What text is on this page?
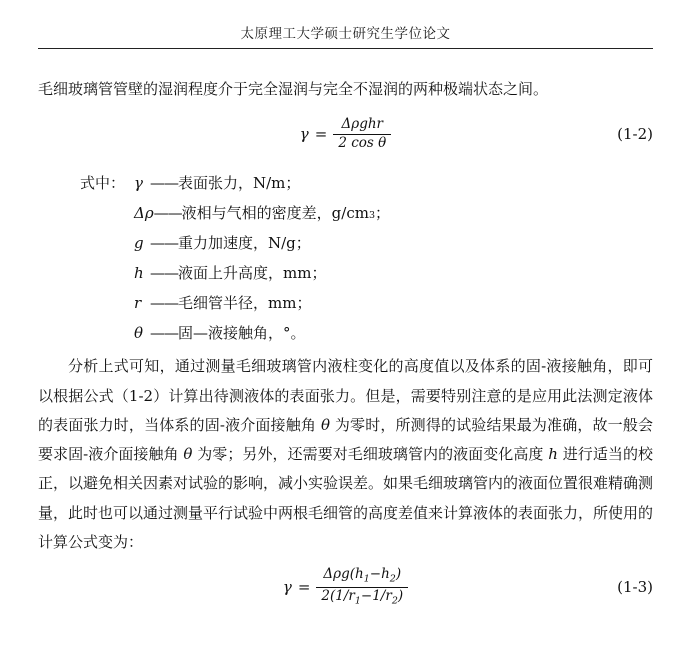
太原理工大学硕士研究生学位论文

毛细玻璃管管壁的湿润程度介于完全湿润与完全不湿润的两种极端状态之间。

$\gamma = \frac{\text{Δρghr}}{\text{2 cos θ}}$	(1-2)
式中： γ —— 表面张力，N/m；
Δρ —— 液相与气相的密度差，g/cm 3 ；
g —— 重力加速度，N/g；
h —— 液面上升高度，mm；
r —— 毛细管半径，mm；
θ —— 固—液接触角，°。

分析上式可知，通过测量毛细玻璃管内液柱变化的高度值以及体系的固-液接触角，即可以根据公式（1-2）计算出待测液体的表面张力。但是，需要特别注意的是应用此法测定液体的表面张力时，当体系的固-液介面接触角 θ 为零时，所测得的试验结果最为准确，故一般会要求固-液介面接触角 θ 为零；另外，还需要对毛细玻璃管内的液面变化高度 h 进行适当的校正，以避免相关因素对试验的影响，减小实验误差。如果毛细玻璃管内的液面位置很难精确测量，此时也可以通过测量平行试验中两根毛细管的高度差值来计算液体的表面张力，所使用的计算公式变为：

$\gamma = \frac{\Delta\rho g(h_1-h_2)}{2(1/r_1-1/r_2)}$	(1-3)
